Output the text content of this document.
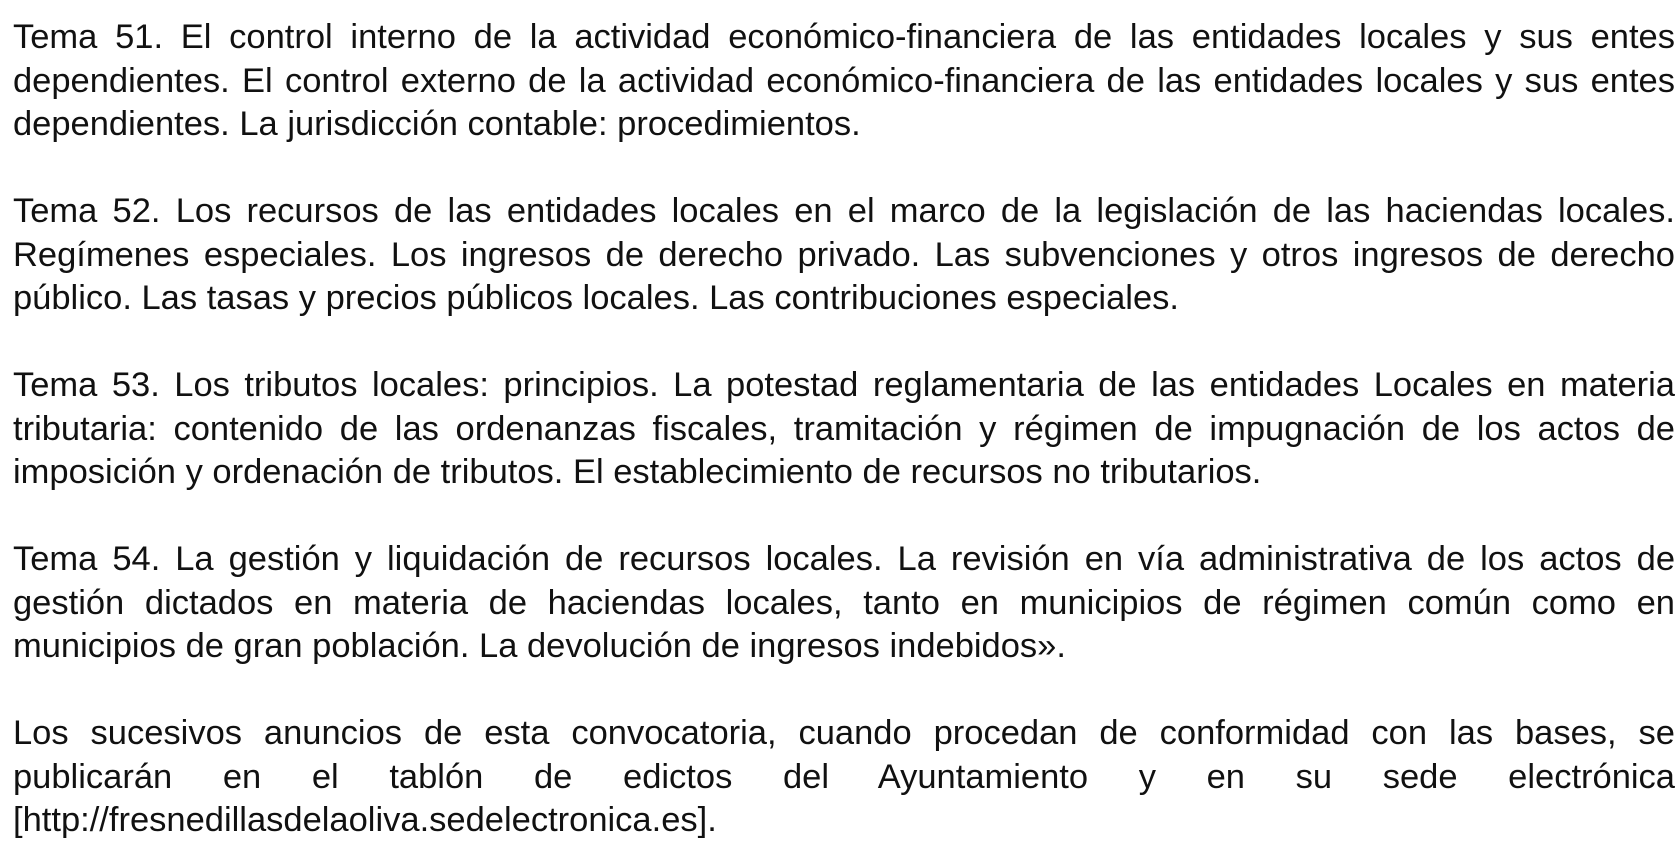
Tema 51. El control interno de la actividad económico-financiera de las entidades locales y sus entes dependientes. El control externo de la actividad económico-financiera de las entidades locales y sus entes dependientes. La jurisdicción contable: procedimientos.

Tema 52. Los recursos de las entidades locales en el marco de la legislación de las haciendas locales. Regímenes especiales. Los ingresos de derecho privado. Las subvenciones y otros ingresos de derecho público. Las tasas y precios públicos locales. Las contribuciones especiales.

Tema 53. Los tributos locales: principios. La potestad reglamentaria de las entidades Locales en materia tributaria: contenido de las ordenanzas fiscales, tramitación y régimen de impugnación de los actos de imposición y ordenación de tributos. El establecimiento de recursos no tributarios.

Tema 54. La gestión y liquidación de recursos locales. La revisión en vía administrativa de los actos de gestión dictados en materia de haciendas locales, tanto en municipios de régimen común como en municipios de gran población. La devolución de ingresos indebidos».

Los sucesivos anuncios de esta convocatoria, cuando procedan de conformidad con las bases, se publicarán en el tablón de edictos del Ayuntamiento y en su sede electrónica [http://fresnedillasdelaoliva.sedelectronica.es].
